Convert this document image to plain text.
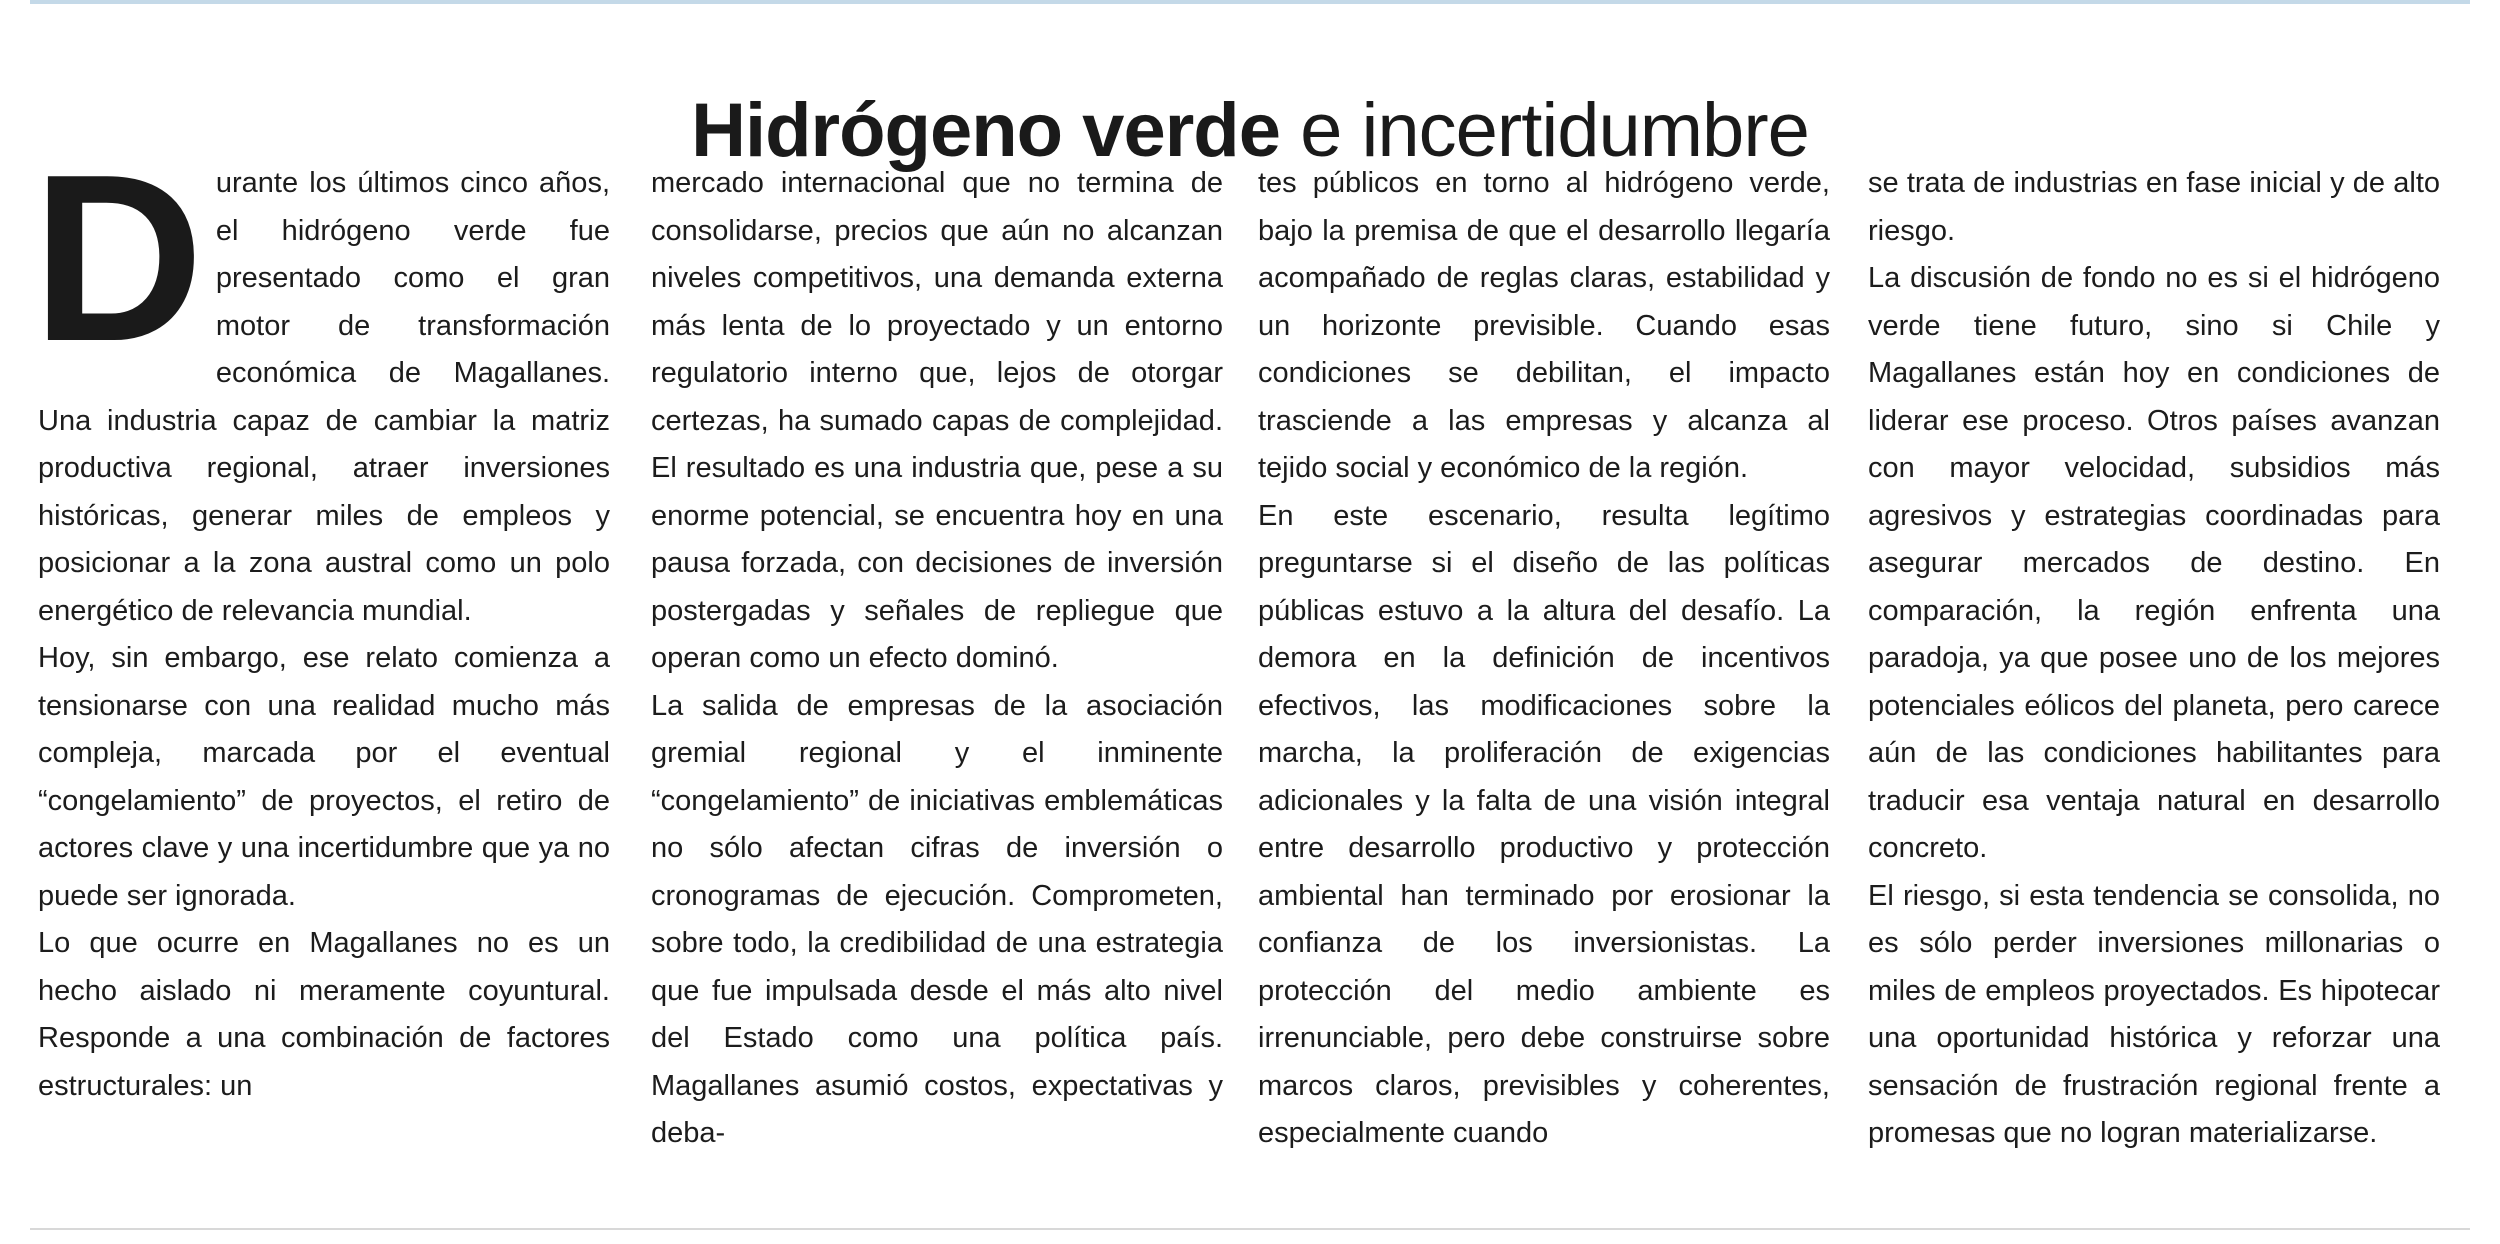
Hidrógeno verde e incertidumbre
D urante los últimos cinco años, el hidrógeno verde fue presentado como el gran motor de transformación económica de Magallanes. Una industria capaz de cambiar la matriz productiva regional, atraer inversiones históricas, generar miles de empleos y posicionar a la zona austral como un polo energético de relevancia mundial.

Hoy, sin embargo, ese relato comienza a tensionarse con una realidad mucho más compleja, marcada por el eventual “congelamiento” de proyectos, el retiro de actores clave y una incertidumbre que ya no puede ser ignorada.

Lo que ocurre en Magallanes no es un hecho aislado ni meramente coyuntural. Responde a una combinación de factores estructurales: un

mercado internacional que no termina de consolidarse, precios que aún no alcanzan niveles competitivos, una demanda externa más lenta de lo proyectado y un entorno regulatorio interno que, lejos de otorgar certezas, ha sumado capas de complejidad. El resultado es una industria que, pese a su enorme potencial, se encuentra hoy en una pausa forzada, con decisiones de inversión postergadas y señales de repliegue que operan como un efecto dominó.

La salida de empresas de la asociación gremial regional y el inminente “congelamiento” de iniciativas emblemáticas no sólo afectan cifras de inversión o cronogramas de ejecución. Comprometen, sobre todo, la credibilidad de una estrategia que fue impulsada desde el más alto nivel del Estado como una política país. Magallanes asumió costos, expectativas y deba-

tes públicos en torno al hidrógeno verde, bajo la premisa de que el desarrollo llegaría acompañado de reglas claras, estabilidad y un horizonte previsible. Cuando esas condiciones se debilitan, el impacto trasciende a las empresas y alcanza al tejido social y económico de la región.

En este escenario, resulta legítimo preguntarse si el diseño de las políticas públicas estuvo a la altura del desafío. La demora en la definición de incentivos efectivos, las modificaciones sobre la marcha, la proliferación de exigencias adicionales y la falta de una visión integral entre desarrollo productivo y protección ambiental han terminado por erosionar la confianza de los inversionistas. La protección del medio ambiente es irrenunciable, pero debe construirse sobre marcos claros, previsibles y coherentes, especialmente cuando

se trata de industrias en fase inicial y de alto riesgo.

La discusión de fondo no es si el hidrógeno verde tiene futuro, sino si Chile y Magallanes están hoy en condiciones de liderar ese proceso. Otros países avanzan con mayor velocidad, subsidios más agresivos y estrategias coordinadas para asegurar mercados de destino. En comparación, la región enfrenta una paradoja, ya que posee uno de los mejores potenciales eólicos del planeta, pero carece aún de las condiciones habilitantes para traducir esa ventaja natural en desarrollo concreto.

El riesgo, si esta tendencia se consolida, no es sólo perder inversiones millonarias o miles de empleos proyectados. Es hipotecar una oportunidad histórica y reforzar una sensación de frustración regional frente a promesas que no logran materializarse.
